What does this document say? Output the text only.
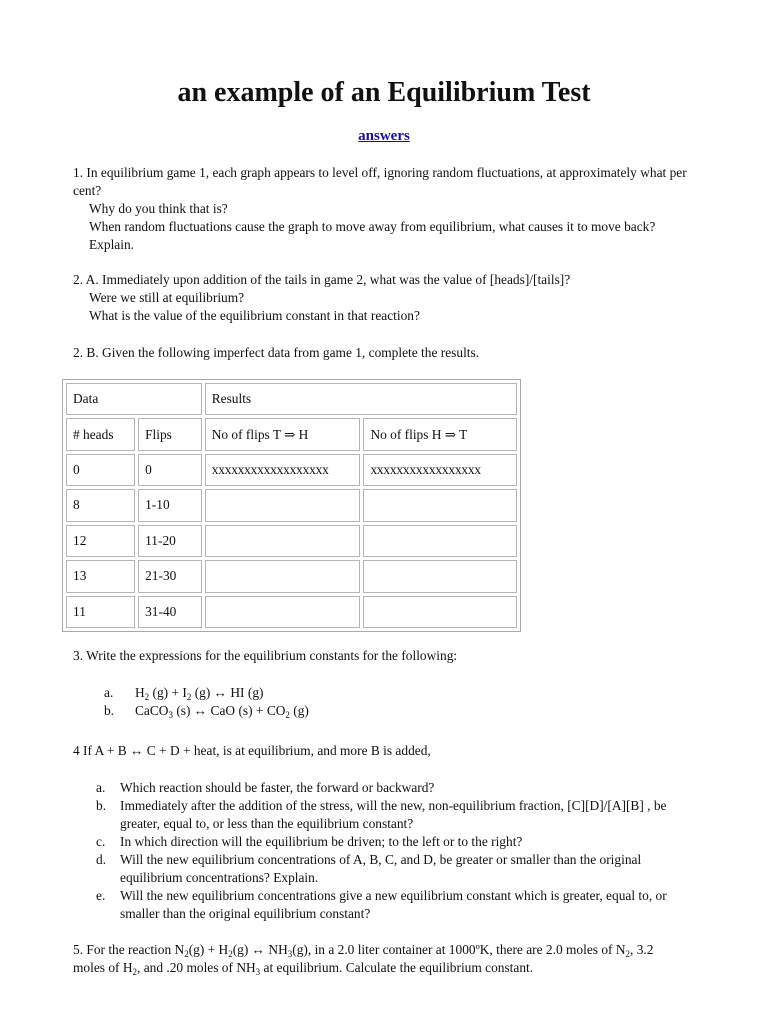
an example of an Equilibrium Test
answers
1. In equilibrium game 1, each graph appears to level off, ignoring random fluctuations, at approximately what per cent?
Why do you think that is?
When random fluctuations cause the graph to move away from equilibrium, what causes it to move back? Explain.
2. A. Immediately upon addition of the tails in game 2, what was the value of [heads]/[tails]?
Were we still at equilibrium?
What is the value of the equilibrium constant in that reaction?
2. B. Given the following imperfect data from game 1, complete the results.
Data		Results	
# heads	Flips	No of flips T ⇒ H	No of flips H ⇒ T
0	0	xxxxxxxxxxxxxxxxxx	xxxxxxxxxxxxxxxxx
8	1-10		
12	11-20		
13	21-30		
11	31-40		
3. Write the expressions for the equilibrium constants for the following:
a.	$H_2$ $(g) + I_2$ (g) ↔ HI (g)
b.	CaCO$_3$ (s) ↔ CaO $(s) + CO_2$ (g)
4 If A + B ↔ C + D + heat, is at equilibrium, and more B is added,
a.	Which reaction should be faster, the forward or backward?
b.	Immediately after the addition of the stress, will the new, non-equilibrium fraction, [C][D]/[A][B] , be greater, equal to, or less than the equilibrium constant?
c.	In which direction will the equilibrium be driven; to the left or to the right?
d.	Will the new equilibrium concentrations of A, B, C, and D, be greater or smaller than the original equilibrium concentrations? Explain.
e.	Will the new equilibrium concentrations give a new equilibrium constant which is greater, equal to, or smaller than the original equilibrium constant?
5. For the reaction $N_2(g) + H_2(g)$ ↔ $NH_3(g)$, in a 2.0 liter container at 1000ºK, there are 2.0 moles of $N_2$, 3.2 moles of $H_2$, and .20 moles of $NH_3$ at equilibrium. Calculate the equilibrium constant.
